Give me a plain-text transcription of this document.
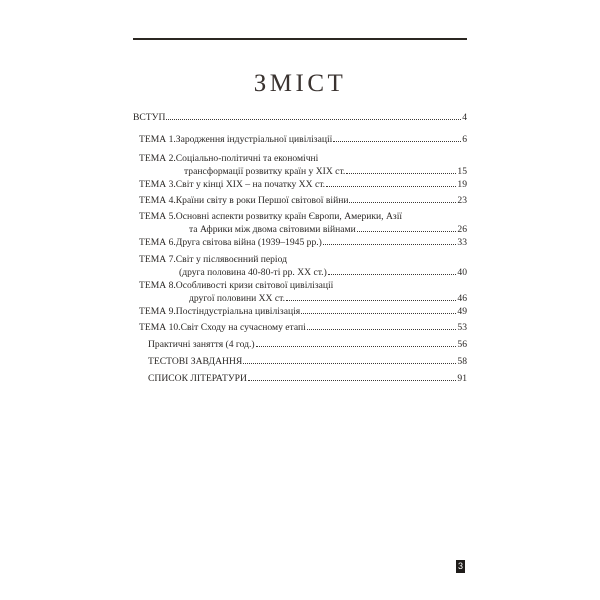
ЗМІСТ
ВСТУП	4
ТЕМА 1. Зародження індустріальної цивілізації	6
ТЕМА 2. Соціально-політичні та економічні
трансформації розвитку країн у ХІХ ст.	15
ТЕМА 3. Світ у кінці ХІХ – на початку ХХ ст.	19
ТЕМА 4. Країни світу в роки Першої світової війни	23
ТЕМА 5. Основні аспекти розвитку країн Європи, Америки, Азії
та Африки між двома світовими війнами	26
ТЕМА 6. Друга світова війна (1939–1945 рр.)	33
ТЕМА 7. Світ у післявоєнний період
(друга половина 40-80-ті рр. ХХ ст.)	40
ТЕМА 8. Особливості кризи світової цивілізації
другої половини ХХ ст.	46
ТЕМА 9. Постіндустріальна цивілізація	49
ТЕМА 10. Світ Сходу на сучасному етапі	53
Практичні заняття (4 год.)	56
ТЕСТОВІ ЗАВДАННЯ	58
СПИСОК ЛІТЕРАТУРИ	91
3
